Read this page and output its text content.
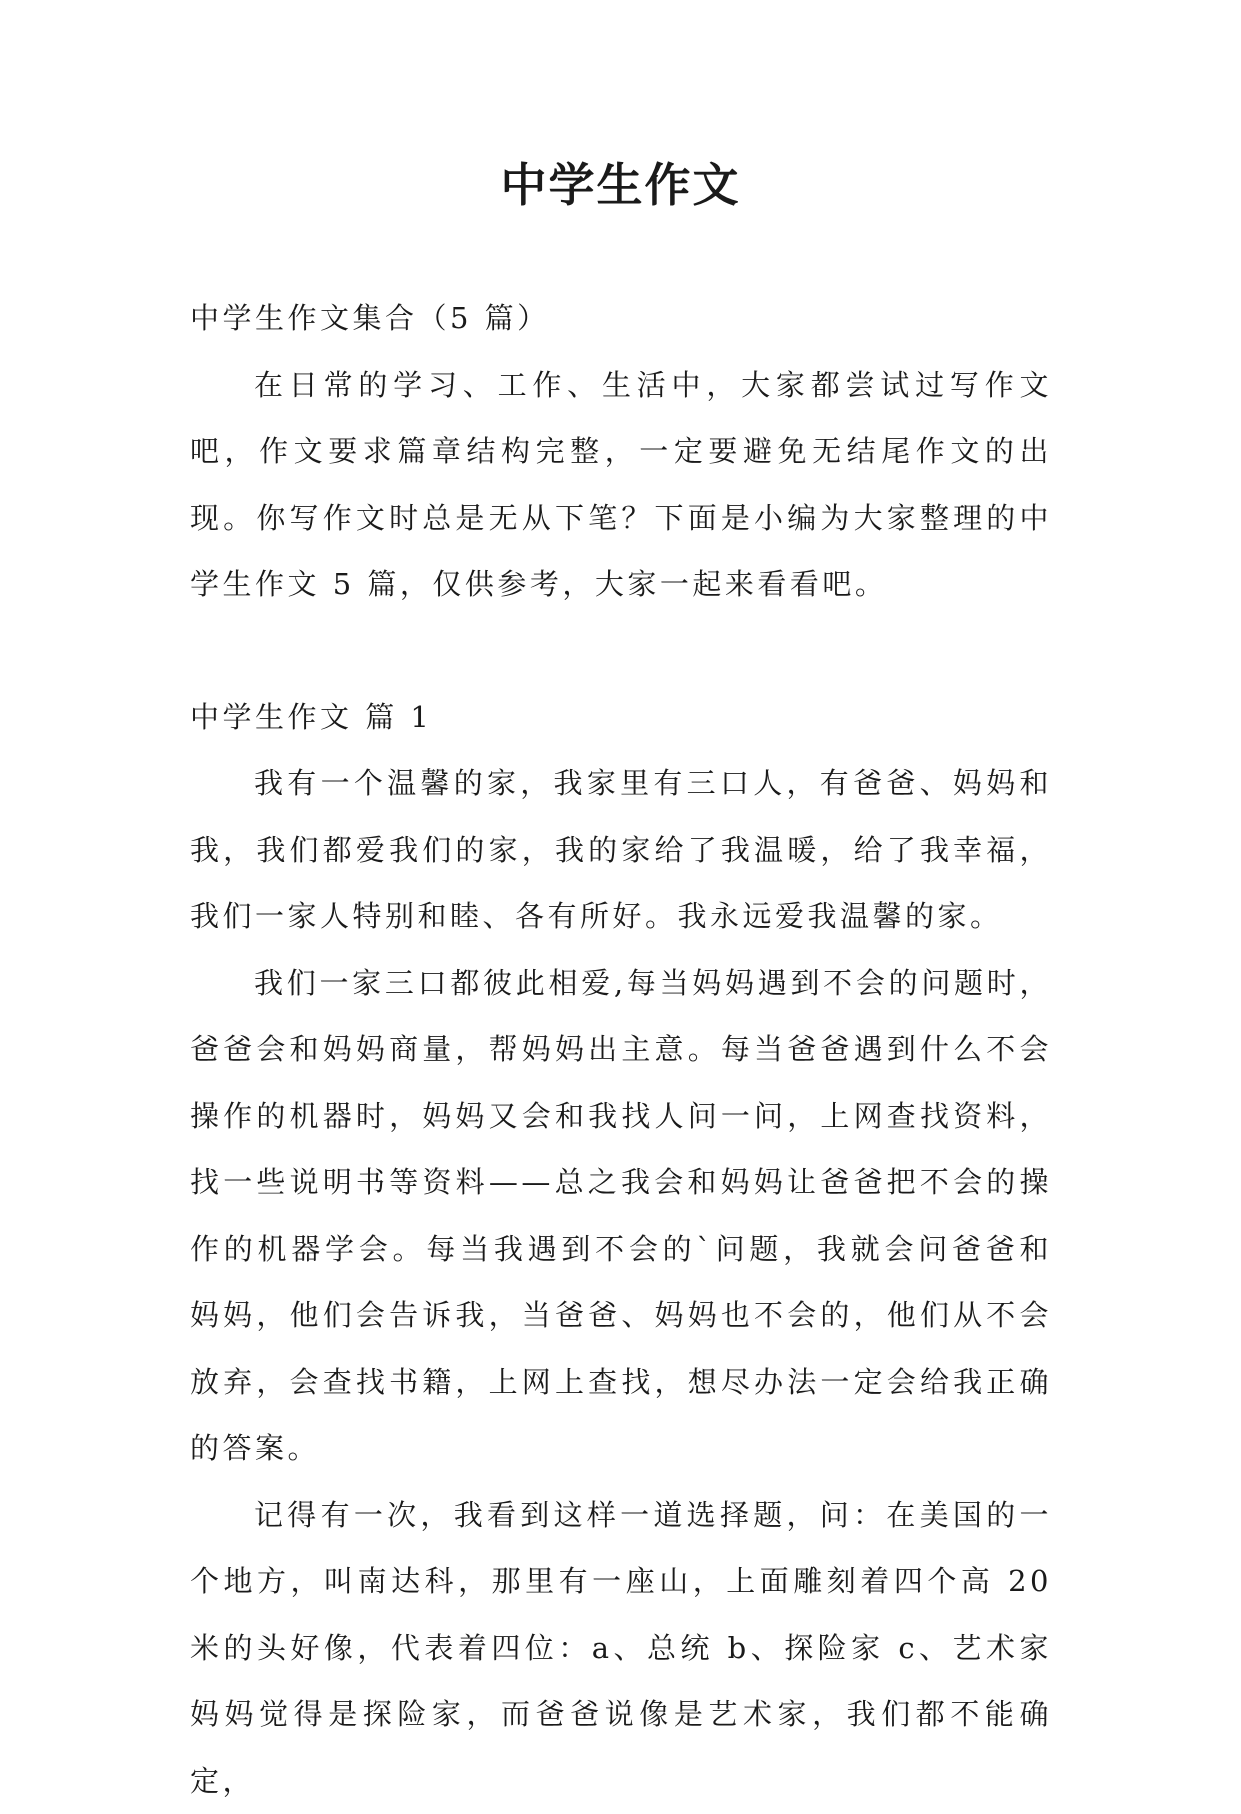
中学生作文

中学生作文集合（5 篇）

在日常的学习、工作、生活中，大家都尝试过写作文吧，作文要求篇章结构完整，一定要避免无结尾作文的出现。你写作文时总是无从下笔？下面是小编为大家整理的中学生作文 5 篇，仅供参考，大家一起来看看吧。

中学生作文 篇 1

我有一个温馨的家，我家里有三口人，有爸爸、妈妈和我，我们都爱我们的家，我的家给了我温暖，给了我幸福，我们一家人特别和睦、各有所好。我永远爱我温馨的家。

我们一家三口都彼此相爱,每当妈妈遇到不会的问题时，爸爸会和妈妈商量，帮妈妈出主意。每当爸爸遇到什么不会操作的机器时，妈妈又会和我找人问一问，上网查找资料，找一些说明书等资料——总之我会和妈妈让爸爸把不会的操作的机器学会。每当我遇到不会的`问题，我就会问爸爸和妈妈，他们会告诉我，当爸爸、妈妈也不会的，他们从不会放弃，会查找书籍，上网上查找，想尽办法一定会给我正确的答案。

记得有一次，我看到这样一道选择题，问：在美国的一个地方，叫南达科，那里有一座山，上面雕刻着四个高 20米的头好像，代表着四位：a、总统 b、探险家 c、艺术家妈妈觉得是探险家，而爸爸说像是艺术家，我们都不能确定，
